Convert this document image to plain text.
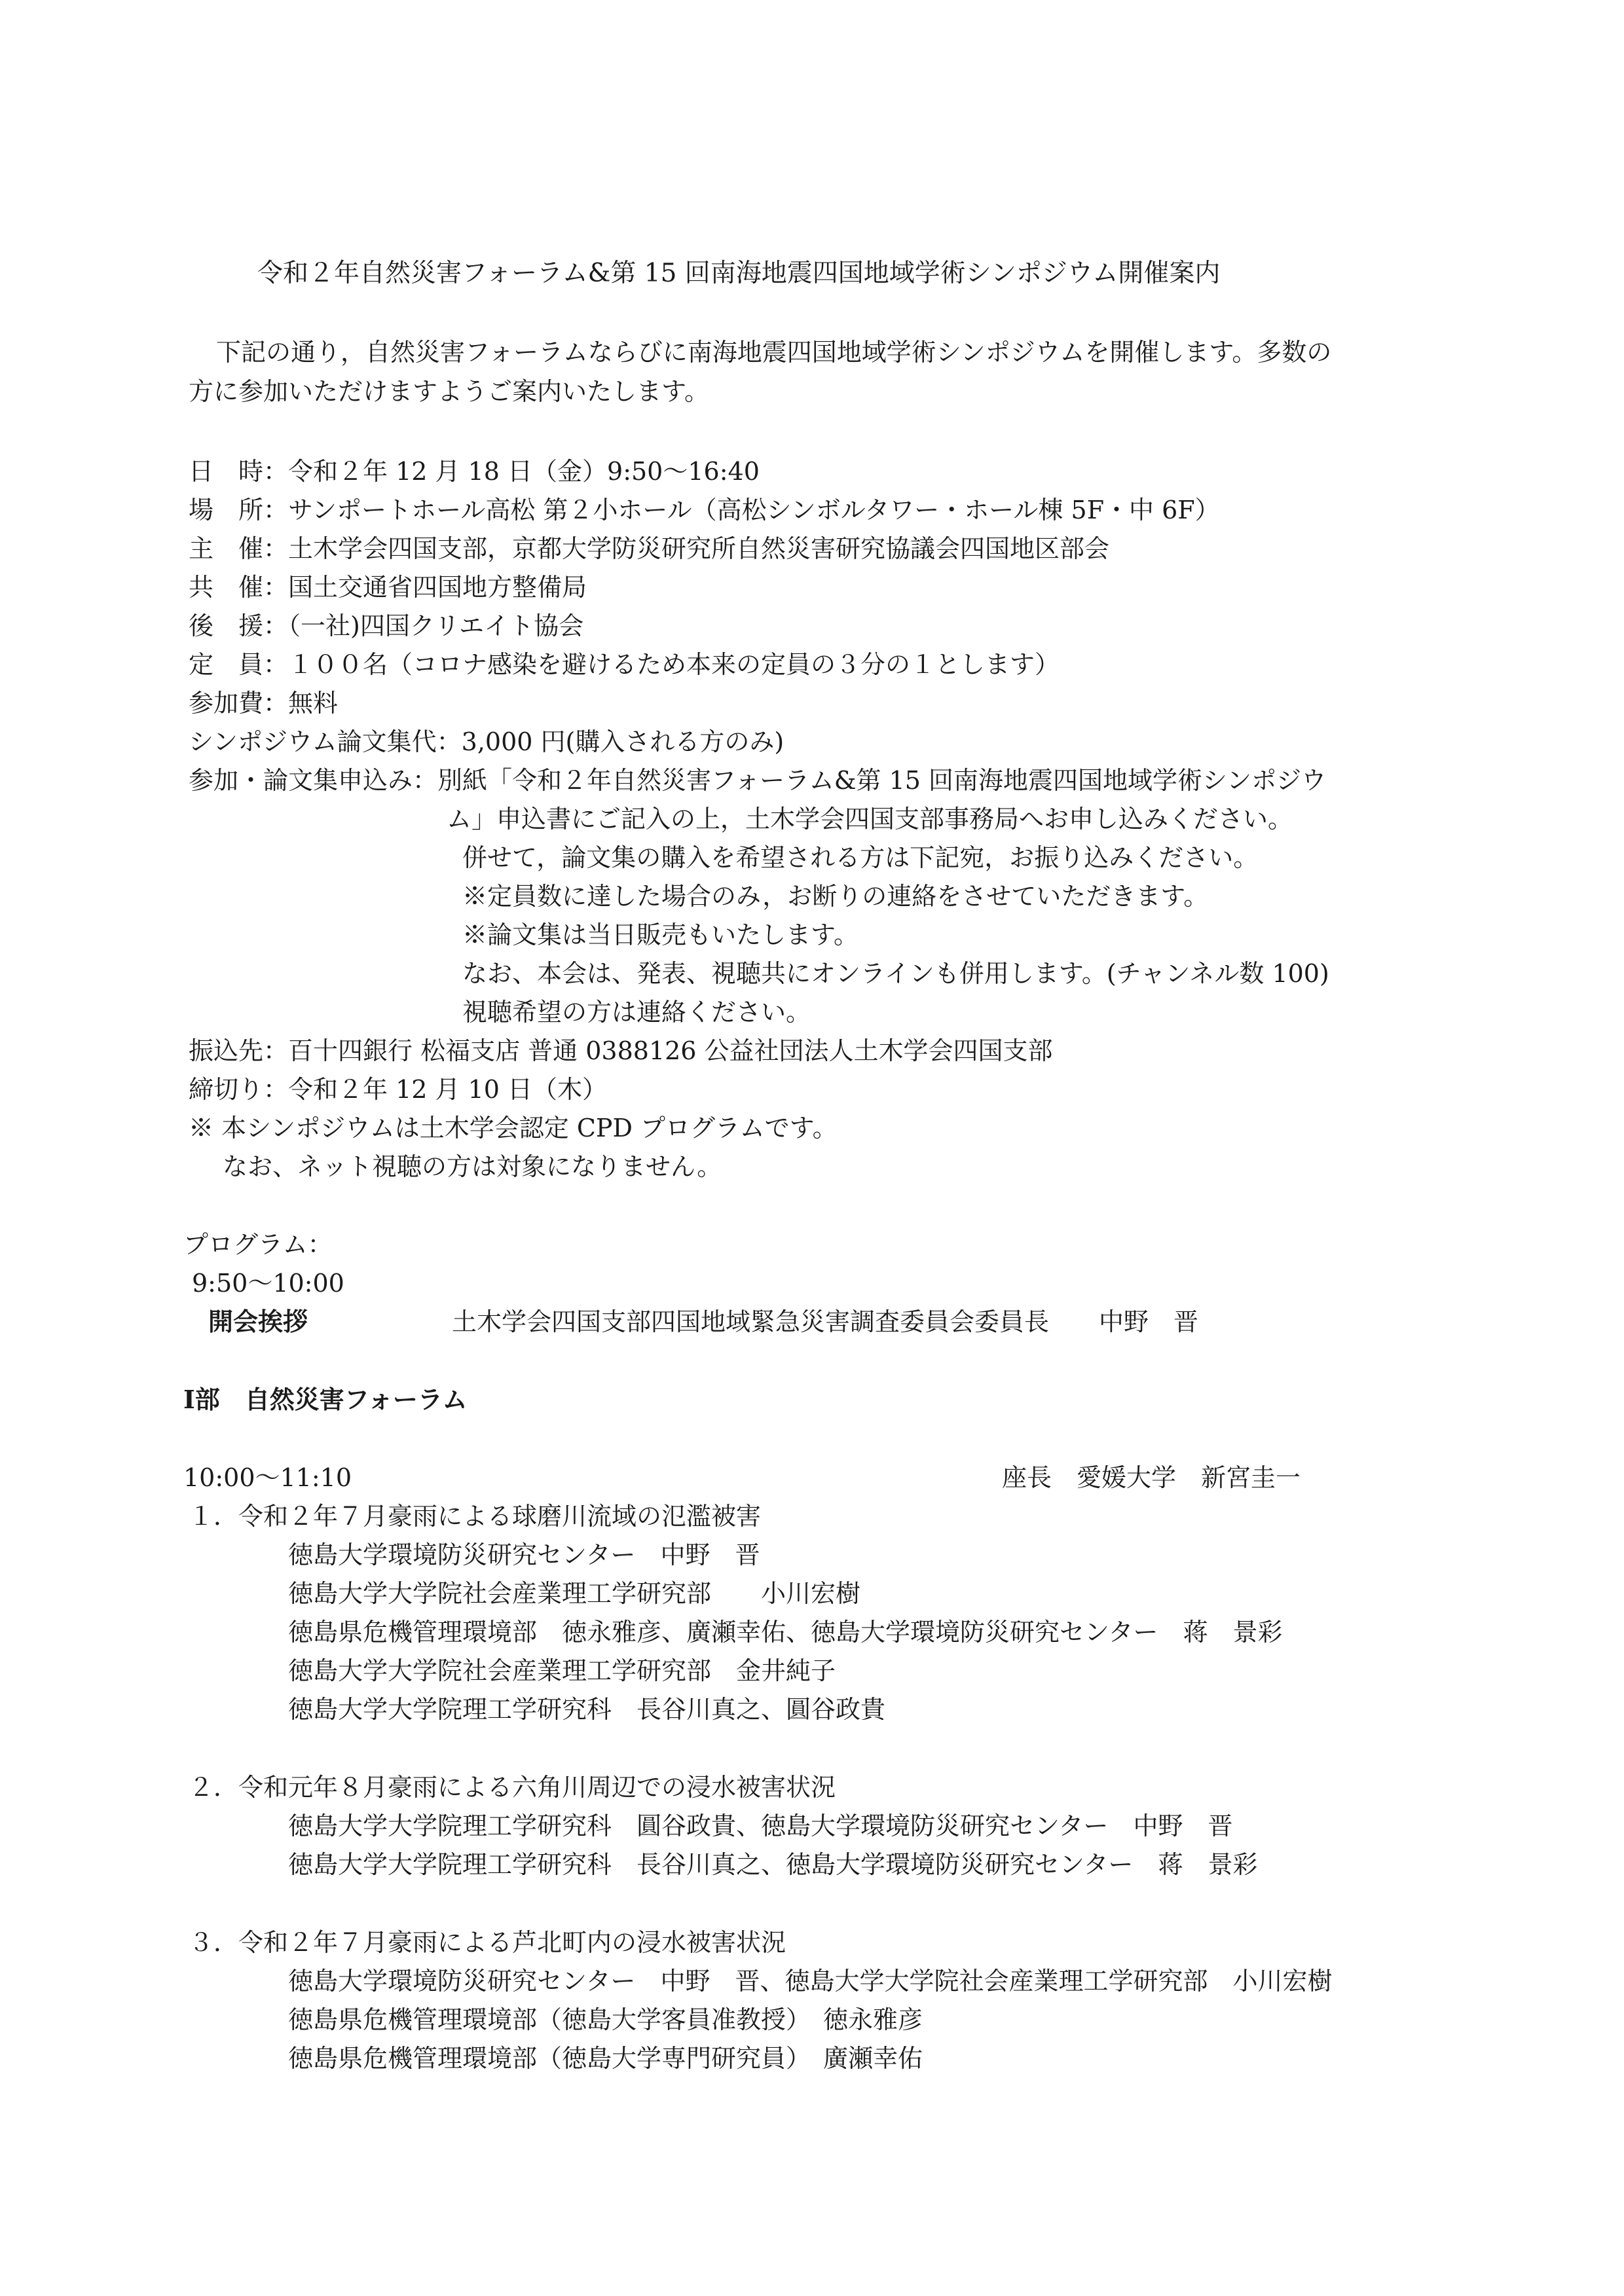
令和２年自然災害フォーラム&第 15 回南海地震四国地域学術シンポジウム開催案内

下記の通り，自然災害フォーラムならびに南海地震四国地域学術シンポジウムを開催します。多数の

方に参加いただけますようご案内いたします。

日　時：令和２年 12 月 18 日（金）9:50～16:40

場　所：サンポートホール高松 第２小ホール（高松シンボルタワー・ホール棟 5F・中 6F）

主　催：土木学会四国支部，京都大学防災研究所自然災害研究協議会四国地区部会

共　催：国土交通省四国地方整備局

後　援：（一社)四国クリエイト協会

定　員：１００名（コロナ感染を避けるため本来の定員の３分の１とします）

参加費：無料

シンポジウム論文集代：3,000 円(購入される方のみ)

参加・論文集申込み：別紙「令和２年自然災害フォーラム&第 15 回南海地震四国地域学術シンポジウ

ム」申込書にご記入の上，土木学会四国支部事務局へお申し込みください。

併せて，論文集の購入を希望される方は下記宛，お振り込みください。

※定員数に達した場合のみ，お断りの連絡をさせていただきます。

※論文集は当日販売もいたします。

なお、本会は、発表、視聴共にオンラインも併用します。(チャンネル数 100)

視聴希望の方は連絡ください。

振込先：百十四銀行 松福支店 普通 0388126 公益社団法人土木学会四国支部

締切り：令和２年 12 月 10 日（木）

※ 本シンポジウムは土木学会認定 CPD プログラムです。

なお、ネット視聴の方は対象になりません。

プログラム：

9:50～10:00

開会挨拶	土木学会四国支部四国地域緊急災害調査委員会委員長　　中野　晋

Ⅰ部　自然災害フォーラム

10:00～11:10	座長　愛媛大学　新宮圭一

１．令和２年７月豪雨による球磨川流域の氾濫被害

徳島大学環境防災研究センター　中野　晋

徳島大学大学院社会産業理工学研究部　　小川宏樹

徳島県危機管理環境部　徳永雅彦、廣瀬幸佑、徳島大学環境防災研究センター　蒋　景彩

徳島大学大学院社会産業理工学研究部　金井純子

徳島大学大学院理工学研究科　長谷川真之、圓谷政貴

２．令和元年８月豪雨による六角川周辺での浸水被害状況

徳島大学大学院理工学研究科　圓谷政貴、徳島大学環境防災研究センター　中野　晋

徳島大学大学院理工学研究科　長谷川真之、徳島大学環境防災研究センター　蒋　景彩

３．令和２年７月豪雨による芦北町内の浸水被害状況

徳島大学環境防災研究センター　中野　晋、徳島大学大学院社会産業理工学研究部　小川宏樹

徳島県危機管理環境部（徳島大学客員准教授）　徳永雅彦

徳島県危機管理環境部（徳島大学専門研究員）　廣瀬幸佑
